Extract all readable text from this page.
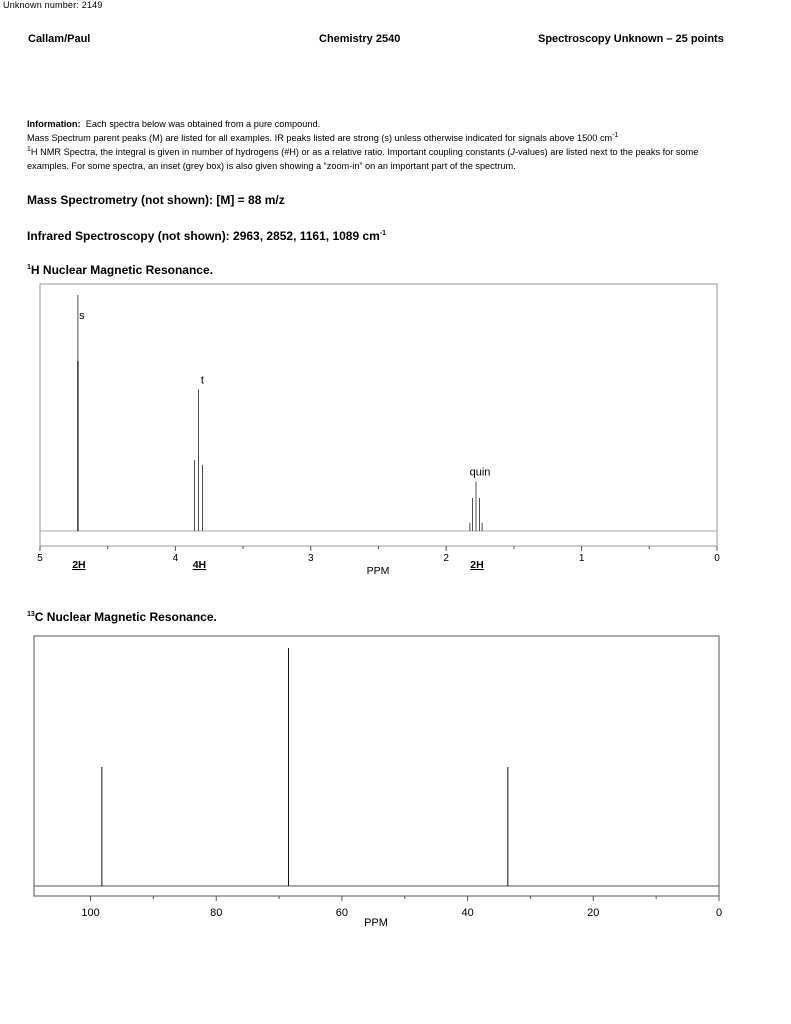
Unknown number: 2149
Callam/Paul	Chemistry 2540	Spectroscopy Unknown – 25 points

Information: Each spectra below was obtained from a pure compound.

Mass Spectrum parent peaks (M) are listed for all examples. IR peaks listed are strong (s) unless otherwise indicated for signals above 1500 $cm^{-1}$

$^1$H NMR Spectra, the integral is given in number of hydrogens (#H) or as a relative ratio. Important coupling constants (J-values) are listed next to the peaks for some examples. For some spectra, an inset (grey box) is also given showing a “zoom-in” on an important part of the spectrum.

Mass Spectrometry (not shown): [M] = 88 m/z
Infrared Spectroscopy (not shown): 2963, 2852, 1161, 1089 $cm^{-1}$
$^1$H Nuclear Magnetic Resonance.
$^{13}$C Nuclear Magnetic Resonance.
5	4	3	2	1	0
PPM
s
2H
t
4H
quin
2H
100	80	60	40	20	0
PPM
